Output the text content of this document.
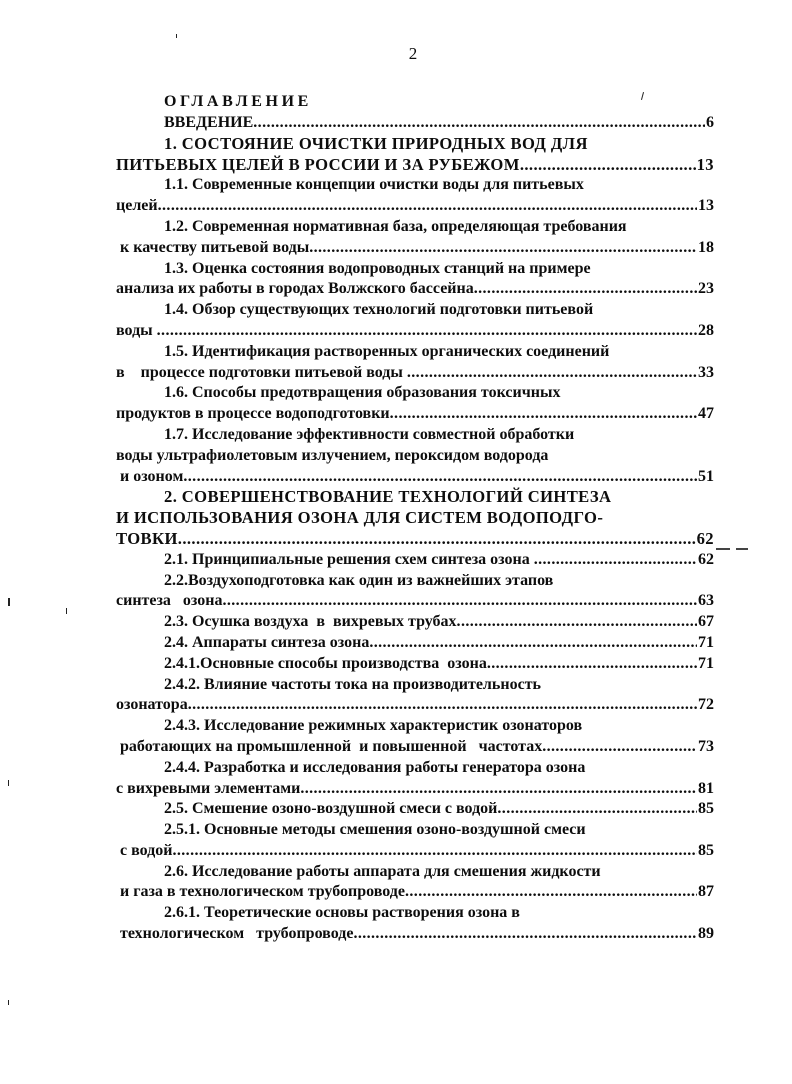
2
ОГЛАВЛЕНИЕ
ВВЕДЕНИЕ .....	6
1. СОСТОЯНИЕ ОЧИСТКИ ПРИРОДНЫХ ВОД ДЛЯ
ПИТЬЕВЫХ ЦЕЛЕЙ В РОССИИ И ЗА РУБЕЖОМ .....	13
1.1. Современные концепции очистки воды для питьевых
целей .....	13
1.2. Современная нормативная база, определяющая требования
к качеству питьевой воды .....	18
1.3. Оценка состояния водопроводных станций на примере
анализа их работы в городах Волжского бассейна .....	23
1.4. Обзор существующих технологий подготовки питьевой
воды .....	28
1.5. Идентификация растворенных органических соединений
в    процессе подготовки питьевой воды .....	33
1.6. Способы предотвращения образования токсичных
продуктов в процессе водоподготовки .....	47
1.7. Исследование эффективности совместной обработки
воды ультрафиолетовым излучением, пероксидом водорода
и озоном .....	51
2. СОВЕРШЕНСТВОВАНИЕ ТЕХНОЛОГИЙ СИНТЕЗА
И ИСПОЛЬЗОВАНИЯ ОЗОНА ДЛЯ СИСТЕМ ВОДОПОДГО-
ТОВКИ .....	62
2.1. Принципиальные решения схем синтеза озона .....	62
2.2.Воздухоподготовка как один из важнейших этапов
синтеза   озона .....	63
2.3. Осушка воздуха  в  вихревых трубах .....	67
2.4. Аппараты синтеза озона .....	71
2.4.1.Основные способы производства  озона .....	71
2.4.2. Влияние частоты тока на производительность
озонатора .....	72
2.4.3. Исследование режимных характеристик озонаторов
работающих на промышленной  и повышенной   частотах .....	73
2.4.4. Разработка и исследования работы генератора озона
с вихревыми элементами .....	81
2.5. Смешение озоно-воздушной смеси с водой .....	85
2.5.1. Основные методы смешения озоно-воздушной смеси
с водой .....	85
2.6. Исследование работы аппарата для смешения жидкости
и газа в технологическом трубопроводе .....	87
2.6.1. Теоретические основы растворения озона в
технологическом   трубопроводе .....	89
